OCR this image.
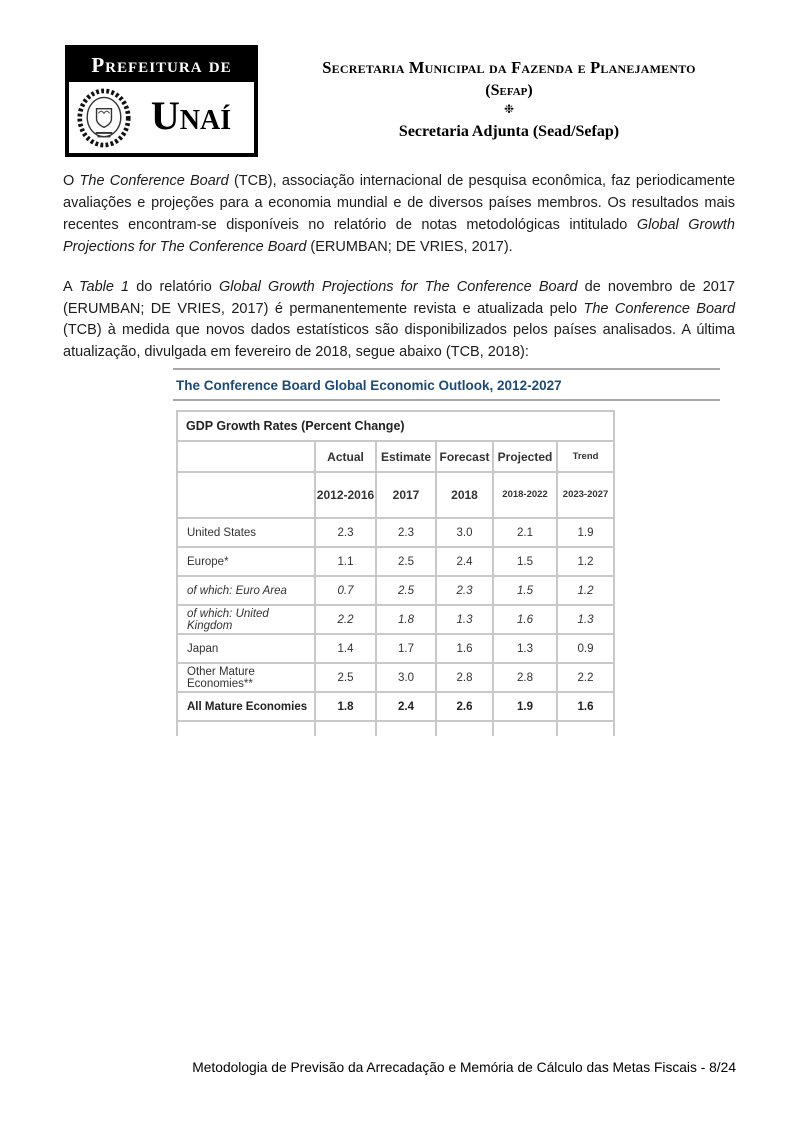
Prefeitura de
Unaí
Secretaria Municipal da Fazenda e Planejamento
(Sefap)
❉
Secretaria Adjunta (Sead/Sefap)

O The Conference Board (TCB), associação internacional de pesquisa econômica, faz periodicamente avaliações e projeções para a economia mundial e de diversos países membros. Os resultados mais recentes encontram-se disponíveis no relatório de notas metodológicas intitulado Global Growth Projections for The Conference Board (ERUMBAN; DE VRIES, 2017).

A Table 1 do relatório Global Growth Projections for The Conference Board de novembro de 2017 (ERUMBAN; DE VRIES, 2017) é permanentemente revista e atualizada pelo The Conference Board (TCB) à medida que novos dados estatísticos são disponibilizados pelos países analisados. A última atualização, divulgada em fevereiro de 2018, segue abaixo (TCB, 2018):

The Conference Board Global Economic Outlook, 2012-2027
GDP Growth Rates (Percent Change)					
	Actual	Estimate	Forecast	Projected	Trend
	2012-2016	2017	2018	2018-2022	2023-2027
United States	2.3	2.3	3.0	2.1	1.9
Europe*	1.1	2.5	2.4	1.5	1.2
of which: Euro Area	0.7	2.5	2.3	1.5	1.2
of which: United Kingdom	2.2	1.8	1.3	1.6	1.3
Japan	1.4	1.7	1.6	1.3	0.9
Other Mature Economies**	2.5	3.0	2.8	2.8	2.2
All Mature Economies	1.8	2.4	2.6	1.9	1.6

Metodologia de Previsão da Arrecadação e Memória de Cálculo das Metas Fiscais - 8/24
